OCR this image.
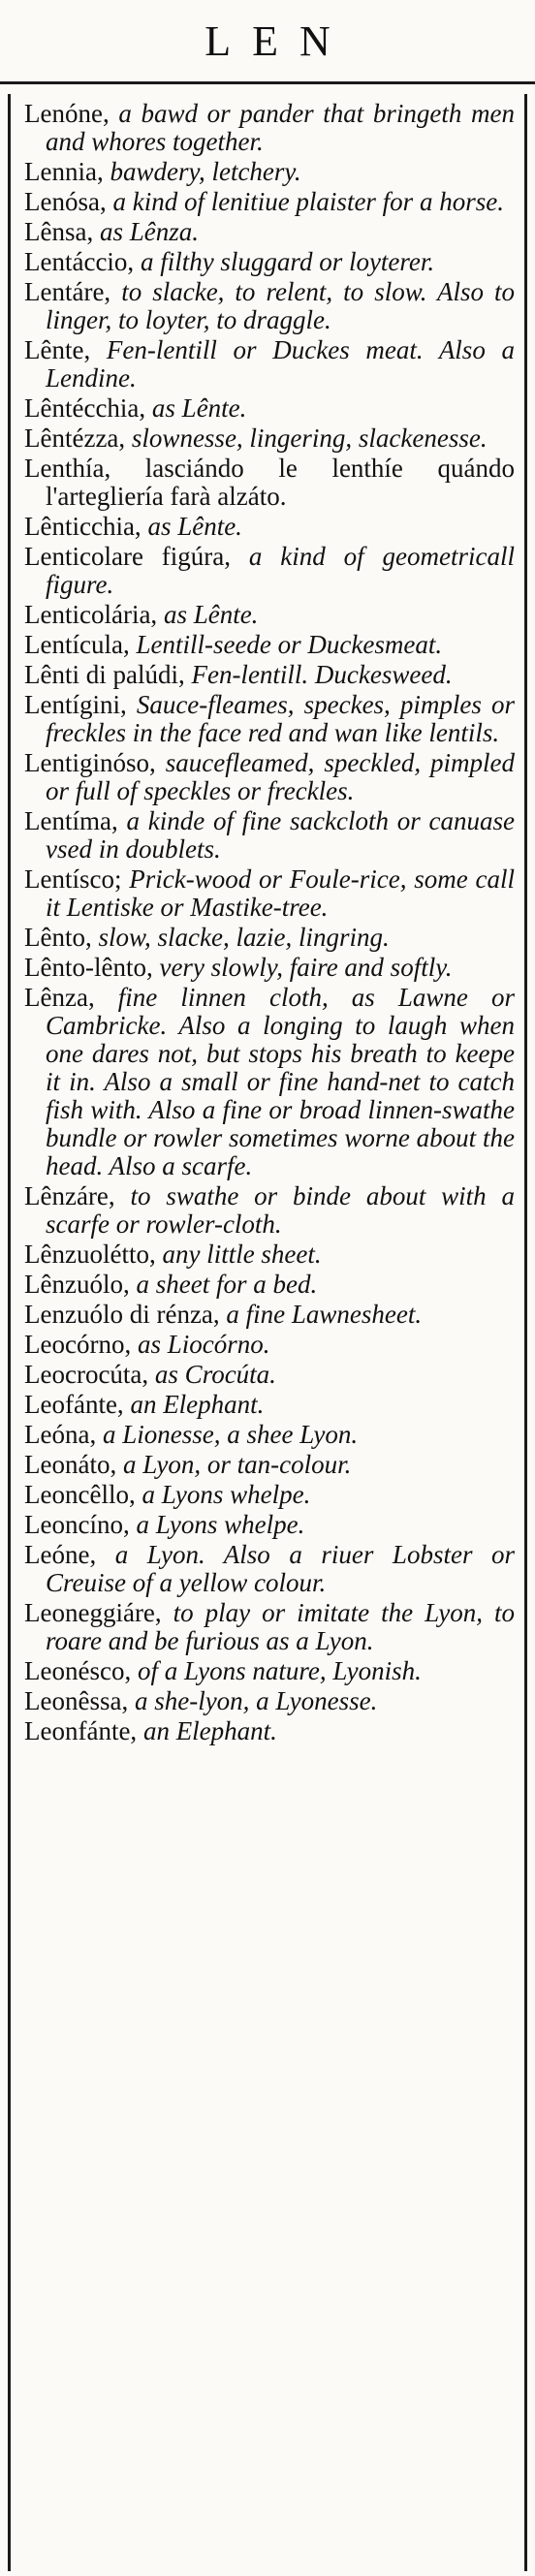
LEN
Lenóne, a bawd or pander that bringeth men and whores together.
Lennia, bawdery, letchery.
Lenósa, a kind of lenitiue plaister for a horse.
Lênsa, as Lênza.
Lentáccio, a filthy sluggard or loyterer.
Lentáre, to slacke, to relent, to slow. Also to linger, to loyter, to draggle.
Lênte, Fen-lentill or Duckes meat. Also a Lendine.
Lêntécchia, as Lênte.
Lêntézza, slownesse, lingering, slackenesse.
Lenthía, lasciándo le lenthíe quándo l'artegliería farà alzáto.
Lênticchia, as Lênte.
Lenticolare figúra, a kind of geometricall figure.
Lenticolária, as Lênte.
Lentícula, Lentill-seede or Duckesmeat.
Lênti di palúdi, Fen-lentill. Duckesweed.
Lentígini, Sauce-fleames, speckes, pimples or freckles in the face red and wan like lentils.
Lentiginóso, saucefleamed, speckled, pimpled or full of speckles or freckles.
Lentíma, a kinde of fine sackcloth or canuase vsed in doublets.
Lentísco; Prick-wood or Foule-rice, some call it Lentiske or Mastike-tree.
Lênto, slow, slacke, lazie, lingring.
Lênto-lênto, very slowly, faire and softly.
Lênza, fine linnen cloth, as Lawne or Cambricke. Also a longing to laugh when one dares not, but stops his breath to keepe it in. Also a small or fine hand-net to catch fish with. Also a fine or broad linnen-swathe bundle or rowler sometimes worne about the head. Also a scarfe.
Lênzáre, to swathe or binde about with a scarfe or rowler-cloth.
Lênzuolétto, any little sheet.
Lênzuólo, a sheet for a bed.
Lenzuólo di rénza, a fine Lawnesheet.
Leocórno, as Liocórno.
Leocrocúta, as Crocúta.
Leofánte, an Elephant.
Leóna, a Lionesse, a shee Lyon.
Leonáto, a Lyon, or tan-colour.
Leoncêllo, a Lyons whelpe.
Leoncíno, a Lyons whelpe.
Leóne, a Lyon. Also a riuer Lobster or Creuise of a yellow colour.
Leoneggiáre, to play or imitate the Lyon, to roare and be furious as a Lyon.
Leonésco, of a Lyons nature, Lyonish.
Leonêssa, a she-lyon, a Lyonesse.
Leonfánte, an Elephant.
